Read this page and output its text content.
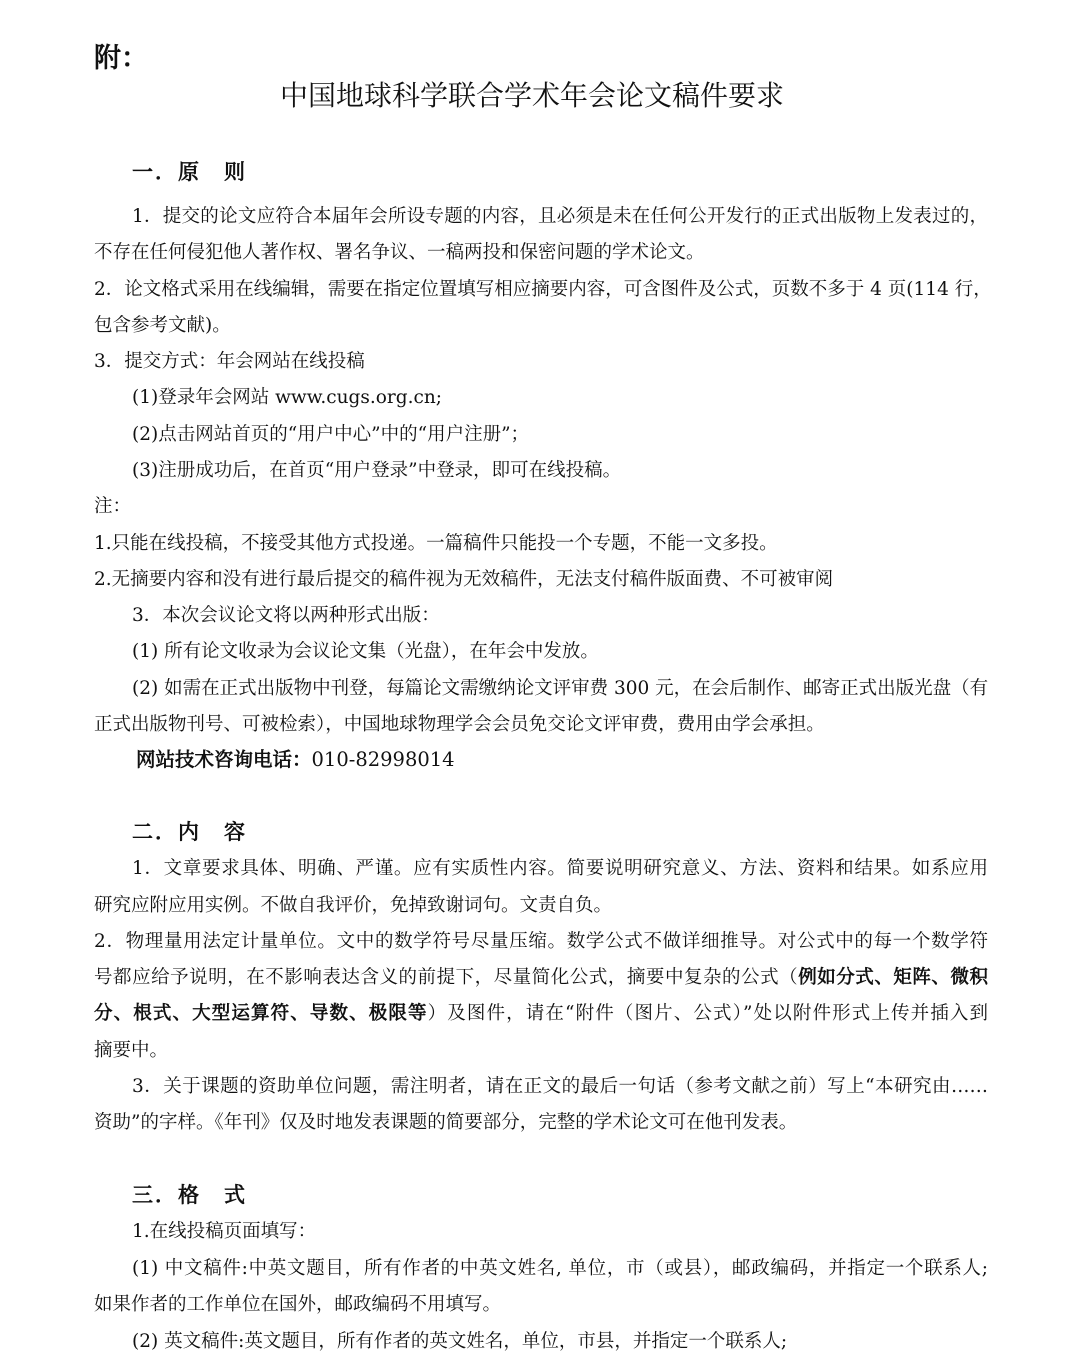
附：
中国地球科学联合学术年会论文稿件要求
一．原　则
1．提交的论文应符合本届年会所设专题的内容，且必须是未在任何公开发行的正式出版物上发表过的，
不存在任何侵犯他人著作权、署名争议、一稿两投和保密问题的学术论文。
2．论文格式采用在线编辑，需要在指定位置填写相应摘要内容，可含图件及公式，页数不多于 4 页(114 行，
包含参考文献)。
3．提交方式：年会网站在线投稿
(1)登录年会网站 www.cugs.org.cn;
(2)点击网站首页的“用户中心”中的“用户注册”；
(3)注册成功后，在首页“用户登录”中登录，即可在线投稿。
注：
1.只能在线投稿，不接受其他方式投递。一篇稿件只能投一个专题，不能一文多投。
2.无摘要内容和没有进行最后提交的稿件视为无效稿件，无法支付稿件版面费、不可被审阅
3．本次会议论文将以两种形式出版：
(1) 所有论文收录为会议论文集（光盘），在年会中发放。
(2) 如需在正式出版物中刊登，每篇论文需缴纳论文评审费 300 元，在会后制作、邮寄正式出版光盘（有
正式出版物刊号、可被检索），中国地球物理学会会员免交论文评审费，费用由学会承担。
网站技术咨询电话：010-82998014
二．内　容
1．文章要求具体、明确、严谨。应有实质性内容。简要说明研究意义、方法、资料和结果。如系应用
研究应附应用实例。不做自我评价，免掉致谢词句。文责自负。
2．物理量用法定计量单位。文中的数学符号尽量压缩。数学公式不做详细推导。对公式中的每一个数学符
号都应给予说明，在不影响表达含义的前提下，尽量简化公式，摘要中复杂的公式（例如分式、矩阵、微积
分、根式、大型运算符、导数、极限等）及图件，请在“附件（图片、公式）”处以附件形式上传并插入到
摘要中。
3．关于课题的资助单位问题，需注明者，请在正文的最后一句话（参考文献之前）写上“本研究由……
资助”的字样。《年刊》仅及时地发表课题的简要部分，完整的学术论文可在他刊发表。
三．格　式
1.在线投稿页面填写：
(1) 中文稿件:中英文题目，所有作者的中英文姓名, 单位，市（或县），邮政编码，并指定一个联系人;
如果作者的工作单位在国外，邮政编码不用填写。
(2) 英文稿件:英文题目，所有作者的英文姓名，单位，市县，并指定一个联系人;
